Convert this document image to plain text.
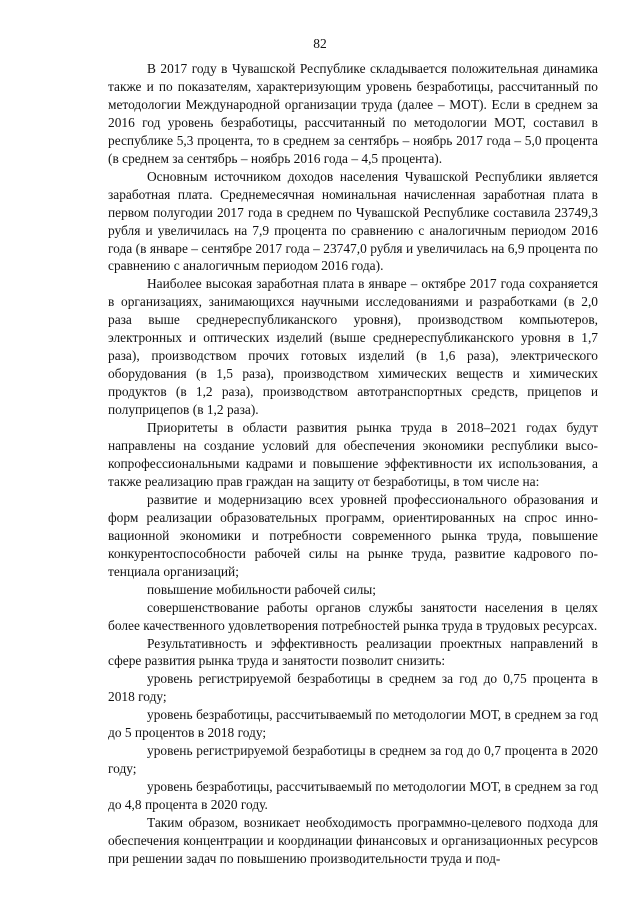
82

В 2017 году в Чувашской Республике складывается положительная динамика также и по показателям, характеризующим уровень безработицы, рассчитанный по методологии Международной организации труда (далее – МОТ). Если в среднем за 2016 год уровень безработицы, рассчитанный по методологии МОТ, составил в республике 5,3 процента, то в среднем за сентябрь – ноябрь 2017 года – 5,0 процента (в среднем за сентябрь – ноябрь 2016 года – 4,5 процента).

Основным источником доходов населения Чувашской Республики является заработная плата. Среднемесячная номинальная начисленная заработная плата в первом полугодии 2017 года в среднем по Чувашской Республике составила 23749,3 рубля и увеличилась на 7,9 процента по сравнению с аналогичным периодом 2016 года (в январе – сентябре 2017 года – 23747,0 рубля и увеличилась на 6,9 процента по сравнению с аналогичным периодом 2016 года).

Наиболее высокая заработная плата в январе – октябре 2017 года сохраняется в организациях, занимающихся научными исследованиями и разработками (в 2,0 раза выше среднереспубликанского уровня), производством компьютеров, электронных и оптических изделий (выше среднереспубликанского уровня в 1,7 раза), производством прочих готовых изделий (в 1,6 раза), электрического оборудования (в 1,5 раза), производством химических веществ и химических продуктов (в 1,2 раза), производством автотранспортных средств, прицепов и полуприцепов (в 1,2 раза).

Приоритеты в области развития рынка труда в 2018–2021 годах будут направлены на создание условий для обеспечения экономики республики высокопрофессиональными кадрами и повышение эффективности их использования, а также реализацию прав граждан на защиту от безработицы, в том числе на:

развитие и модернизацию всех уровней профессионального образования и форм реализации образовательных программ, ориентированных на спрос инновационной экономики и потребности современного рынка труда, повышение конкурентоспособности рабочей силы на рынке труда, развитие кадрового потенциала организаций;

повышение мобильности рабочей силы;

совершенствование работы органов службы занятости населения в целях более качественного удовлетворения потребностей рынка труда в трудовых ресурсах.

Результативность и эффективность реализации проектных направлений в сфере развития рынка труда и занятости позволит снизить:

уровень регистрируемой безработицы в среднем за год до 0,75 процента в 2018 году;

уровень безработицы, рассчитываемый по методологии МОТ, в среднем за год до 5 процентов в 2018 году;

уровень регистрируемой безработицы в среднем за год до 0,7 процента в 2020 году;

уровень безработицы, рассчитываемый по методологии МОТ, в среднем за год до 4,8 процента в 2020 году.

Таким образом, возникает необходимость программно-целевого подхода для обеспечения концентрации и координации финансовых и организационных ресурсов при решении задач по повышению производительности труда и под-
